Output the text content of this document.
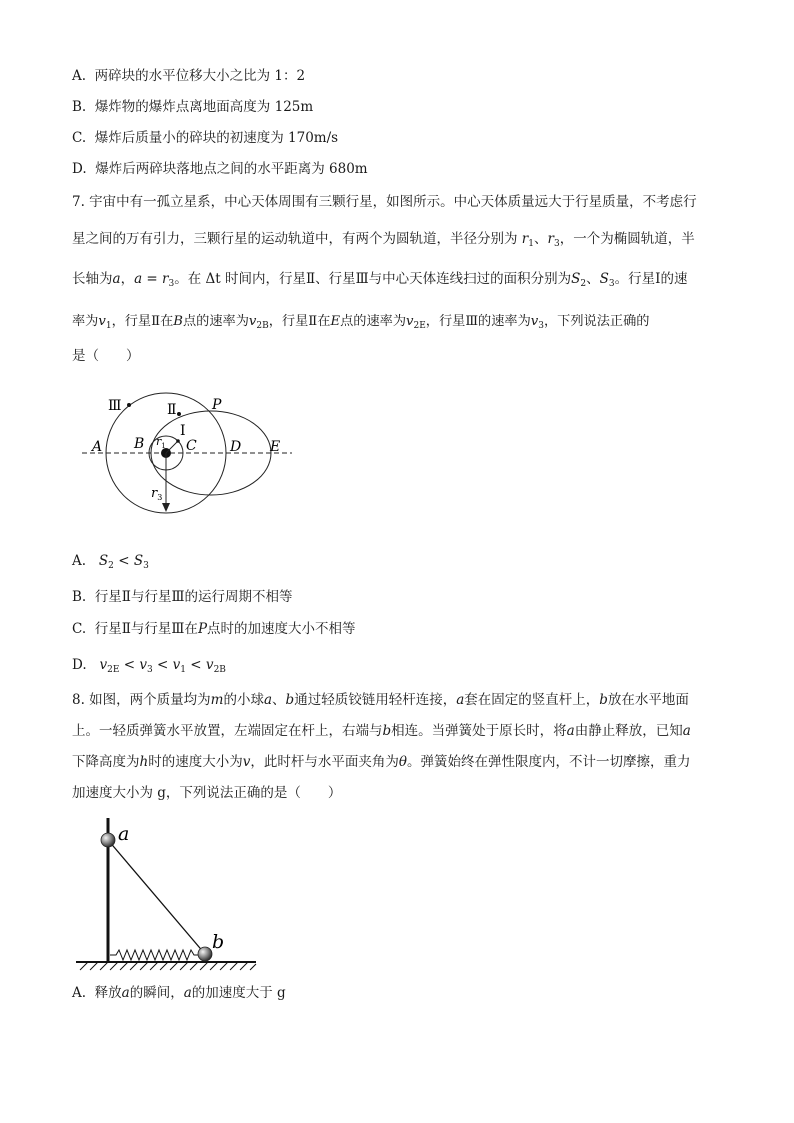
A. 两碎块的水平位移大小之比为 1：2
B. 爆炸物的爆炸点离地面高度为 125m
C. 爆炸后质量小的碎块的初速度为 170m/s
D. 爆炸后两碎块落地点之间的水平距离为 680m
7. 宇宙中有一孤立星系，中心天体周围有三颗行星，如图所示。中心天体质量远大于行星质量，不考虑行
星之间的万有引力，三颗行星的运动轨道中，有两个为圆轨道，半径分别为 $r_1$、$r_3$，一个为椭圆轨道，半
长轴为a，$a = r_3$。在 Δt 时间内，行星Ⅱ、行星Ⅲ与中心天体连线扫过的面积分别为$S_2$、$S_3$。行星Ⅰ的速
率为$v_1$，行星Ⅱ在B点的速率为$v_{2B}$，行星Ⅱ在E点的速率为$v_{2E}$，行星Ⅲ的速率为$v_3$，下列说法正确的
是（　　）
Ⅲ	Ⅱ
I
P
A B	C D E
$r_1$
$r_3$
A. $S_2 < S_3$
B. 行星Ⅱ与行星Ⅲ的运行周期不相等
C. 行星Ⅱ与行星Ⅲ在P点时的加速度大小不相等
D. $v_{2E} < v_3 < v_1 < v_{2B}$
8. 如图，两个质量均为m的小球a、b通过轻质铰链用轻杆连接，a套在固定的竖直杆上，b放在水平地面
上。一轻质弹簧水平放置，左端固定在杆上，右端与b相连。当弹簧处于原长时，将a由静止释放，已知a
下降高度为h时的速度大小为v，此时杆与水平面夹角为θ。弹簧始终在弹性限度内，不计一切摩擦，重力
加速度大小为 g，下列说法正确的是（　　）
a
b
A. 释放a的瞬间，a的加速度大于 g
